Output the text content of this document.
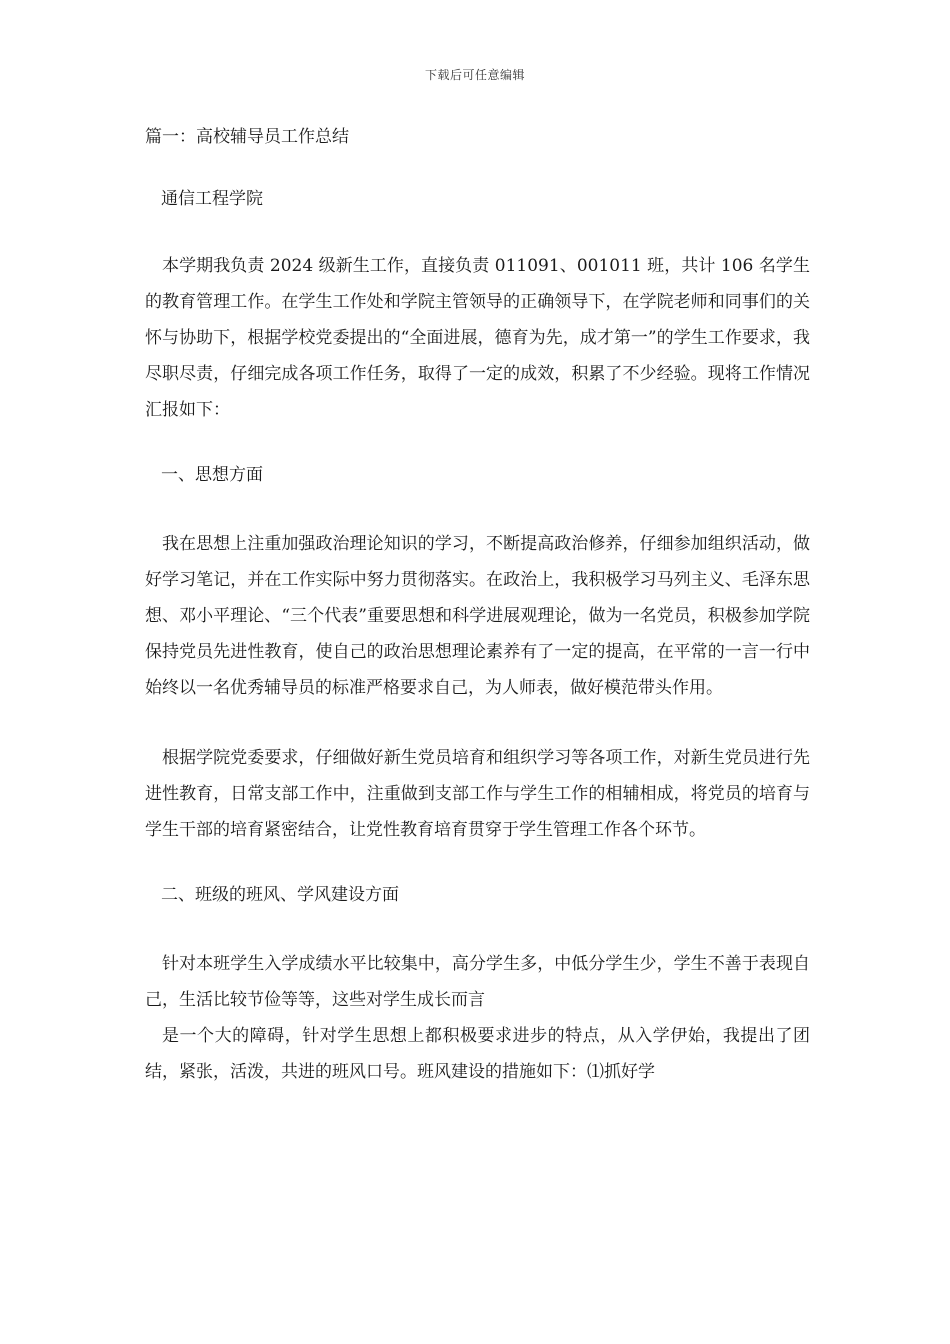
下载后可任意编辑

篇一：高校辅导员工作总结

通信工程学院

本学期我负责 2024 级新生工作，直接负责 011091、001011 班，共计 106 名学生的教育管理工作。在学生工作处和学院主管领导的正确领导下，在学院老师和同事们的关怀与协助下，根据学校党委提出的“全面进展，德育为先，成才第一”的学生工作要求，我尽职尽责，仔细完成各项工作任务，取得了一定的成效，积累了不少经验。现将工作情况汇报如下：

一、思想方面

我在思想上注重加强政治理论知识的学习，不断提高政治修养，仔细参加组织活动，做好学习笔记，并在工作实际中努力贯彻落实。在政治上，我积极学习马列主义、毛泽东思想、邓小平理论、“三个代表”重要思想和科学进展观理论，做为一名党员，积极参加学院保持党员先进性教育，使自己的政治思想理论素养有了一定的提高，在平常的一言一行中始终以一名优秀辅导员的标准严格要求自己，为人师表，做好模范带头作用。

根据学院党委要求，仔细做好新生党员培育和组织学习等各项工作，对新生党员进行先进性教育，日常支部工作中，注重做到支部工作与学生工作的相辅相成，将党员的培育与学生干部的培育紧密结合，让党性教育培育贯穿于学生管理工作各个环节。

二、班级的班风、学风建设方面

针对本班学生入学成绩水平比较集中，高分学生多，中低分学生少，学生不善于表现自己，生活比较节俭等等，这些对学生成长而言

是一个大的障碍，针对学生思想上都积极要求进步的特点，从入学伊始，我提出了团结，紧张，活泼，共进的班风口号。班风建设的措施如下：⑴抓好学
